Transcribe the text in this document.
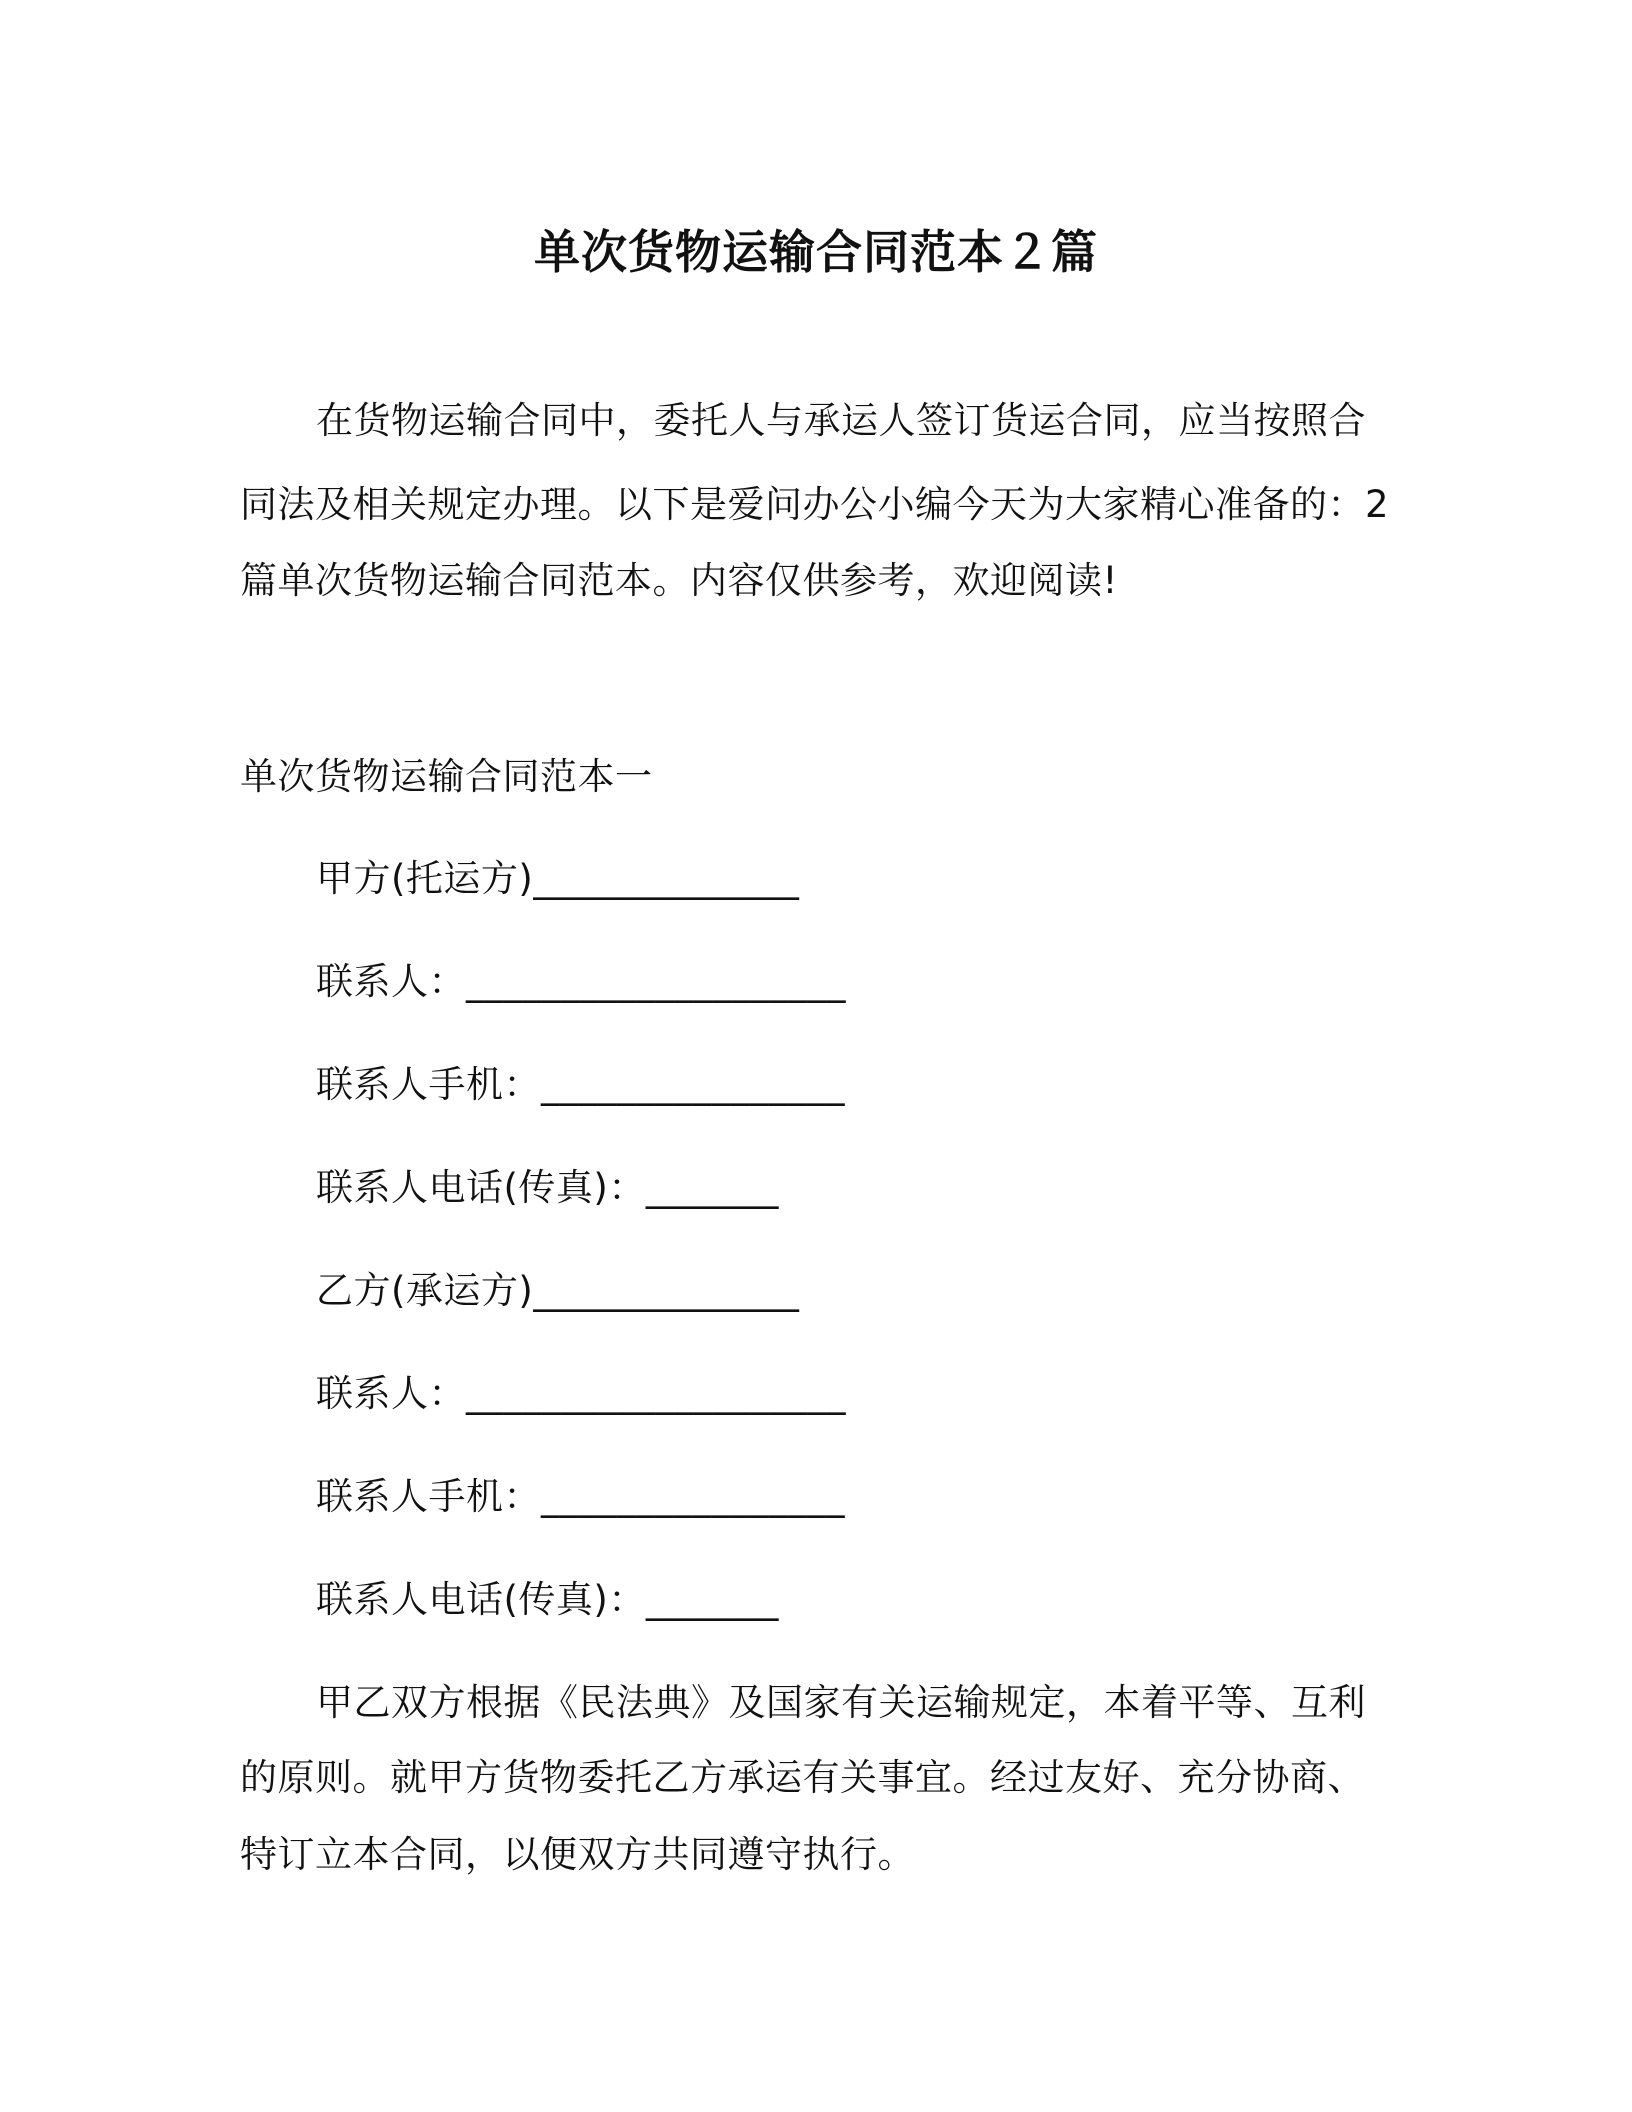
单次货物运输合同范本２篇
在货物运输合同中，委托人与承运人签订货运合同，应当按照合
同法及相关规定办理。以下是爱问办公小编今天为大家精心准备的：2
篇单次货物运输合同范本。内容仅供参考，欢迎阅读!
单次货物运输合同范本一
甲方(托运方)______________
联系人：____________________
联系人手机：________________
联系人电话(传真)：_______
乙方(承运方)______________
联系人：____________________
联系人手机：________________
联系人电话(传真)：_______
甲乙双方根据《民法典》及国家有关运输规定，本着平等、互利
的原则。就甲方货物委托乙方承运有关事宜。经过友好、充分协商、
特订立本合同，以便双方共同遵守执行。
